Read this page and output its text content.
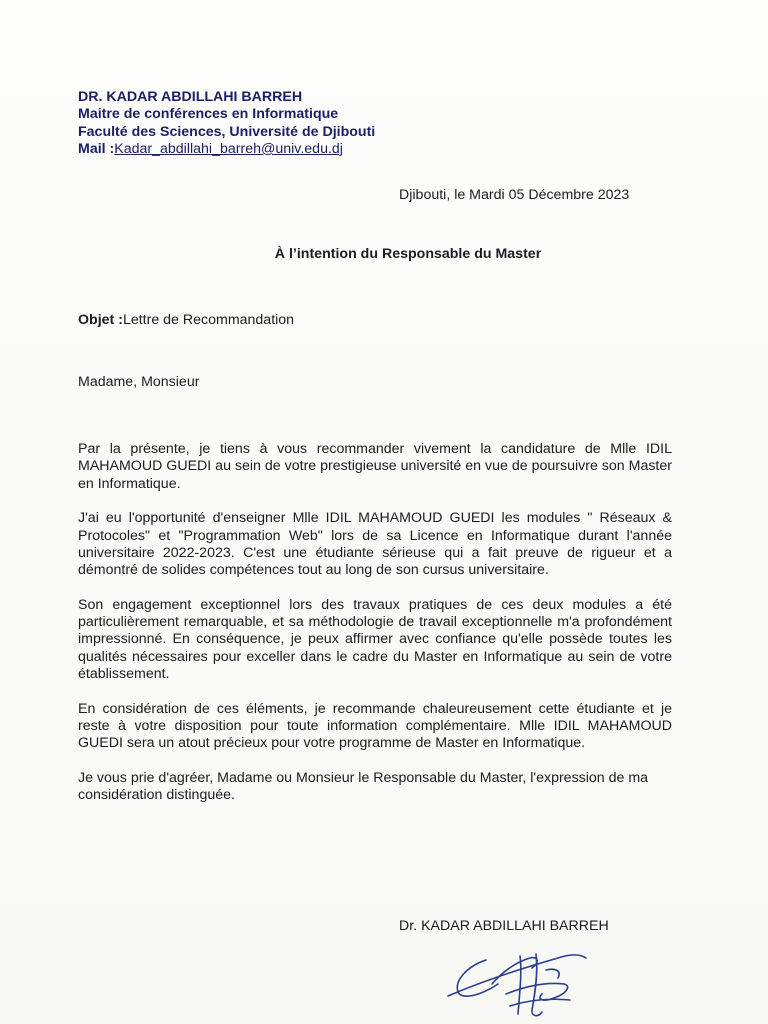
DR. KADAR ABDILLAHI BARREH
Maitre de conférences en Informatique
Faculté des Sciences, Université de Djibouti
Mail :Kadar_abdillahi_barreh@univ.edu.dj
Djibouti, le Mardi 05 Décembre 2023
À l’intention du Responsable du Master
Objet :Lettre de Recommandation
Madame, Monsieur

Par la présente, je tiens à vous recommander vivement la candidature de Mlle IDIL MAHAMOUD GUEDI au sein de votre prestigieuse université en vue de poursuivre son Master en Informatique.

J'ai eu l'opportunité d'enseigner Mlle IDIL MAHAMOUD GUEDI les modules " Réseaux & Protocoles" et "Programmation Web" lors de sa Licence en Informatique durant l'année universitaire 2022-2023. C'est une étudiante sérieuse qui a fait preuve de rigueur et a démontré de solides compétences tout au long de son cursus universitaire.

Son engagement exceptionnel lors des travaux pratiques de ces deux modules a été particulièrement remarquable, et sa méthodologie de travail exceptionnelle m'a profondément impressionné. En conséquence, je peux affirmer avec confiance qu'elle possède toutes les qualités nécessaires pour exceller dans le cadre du Master en Informatique au sein de votre établissement.

En considération de ces éléments, je recommande chaleureusement cette étudiante et je reste à votre disposition pour toute information complémentaire. Mlle IDIL MAHAMOUD GUEDI sera un atout précieux pour votre programme de Master en Informatique.

Je vous prie d'agréer, Madame ou Monsieur le Responsable du Master, l'expression de ma considération distinguée.

Dr. KADAR ABDILLAHI BARREH
